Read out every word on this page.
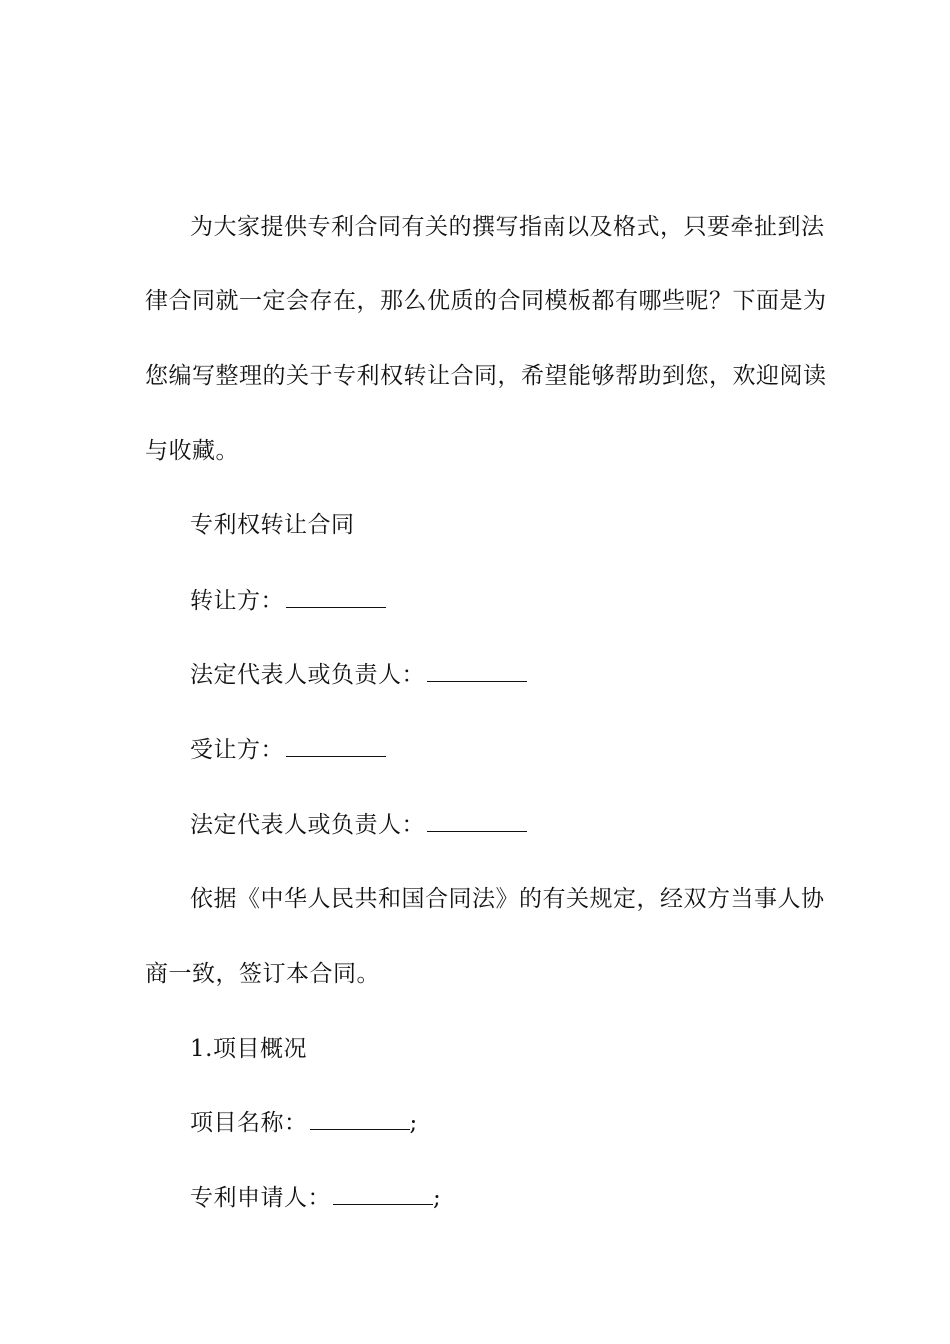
为大家提供专利合同有关的撰写指南以及格式，只要牵扯到法
律合同就一定会存在，那么优质的合同模板都有哪些呢？下面是为
您编写整理的关于专利权转让合同，希望能够帮助到您，欢迎阅读
与收藏。
专利权转让合同
转让方：
法定代表人或负责人：
受让方：
法定代表人或负责人：
依据《中华人民共和国合同法》的有关规定，经双方当事人协
商一致，签订本合同。
1.项目概况
项目名称：	;
专利申请人：	;
